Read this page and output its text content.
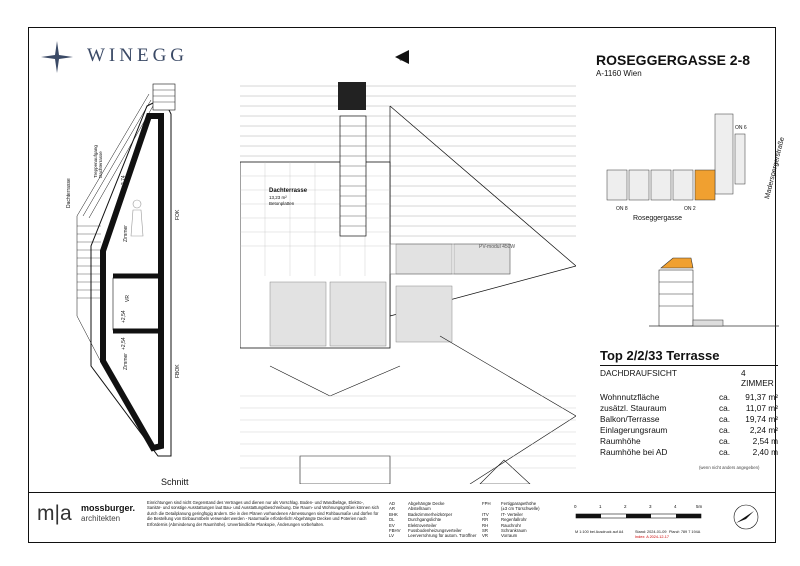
WINEGG
Dachterrasse
Zimmer
Zimmer
VR
+2,74
+2,54
+2,54
FOK
FBOK
Treppenaufgang Dachterrasse
Schnitt
Dachterrasse
13,23 m²
Betonplatten
PV-modul 450W
S	ROSEGGERGASSE 2-8
A-1160 Wien
ON 8	ON 2
ON 6
Roseggergasse
Maderspergerstraße
Top 2/2/33 Terrasse
DACHDRAUFSICHT	4 ZIMMER
Wohnnutzfläche	ca. 91,37 m²
zusätzl. Stauraum	ca. 11,07 m²
Balkon/Terrasse	ca. 19,74 m²
Einlagerungsraum	ca. 2,24 m²
Raumhöhe	ca.	2,54 m
Raumhöhe bei AD	ca.	2,40 m
(wenn nicht anders angegeben)
m|a mossburger.
architekten
Einrichtungen sind nicht Gegenstand des Vertrages und dienen nur als Vorschlag. Boden- und Wandbeläge, Elektro-, Sanitär- und sonstige Ausstattungen laut Bau- und Ausstattungsbeschreibung. Die Raum- und Wohnungsgrößen können sich durch die Detailplanung geringfügig ändern. Die in den Plänen vorhandenen Abmessungen sind Rohbaumaße und dürfen für die Bestellung von Einbaumöbeln verwendet werden - Naturmaße erforderlich! Abgehängte Decken und Poterien nach Erfordernis (Abminderung der Raumhöhe). Unverbindliche Plankopie, Änderungen vorbehalten.
AD	Abgehängte Decke
AR	Abstellraum
BHK Badezimmerheizkörper
DL	Durchgangslichte
EV	Elektroverteiler
FBHV Fussbodenheizungsverteiler
LV	Leerverrohrung für autom. Türöffner
FPH Fertigparapethöhe
(±3 cm Türschwelle)
ITV	IT- Verteiler
RR	Regenfallrohr
RH	Rauchrohr
SR	Schrankraum
VR	Vorraum
0	1	2	3	4	5m
M 1:100 bei Ausdruck auf A4	Stand: 2024-01-09
Index: A 2024-12-17
Plan#: 789 7 194A
